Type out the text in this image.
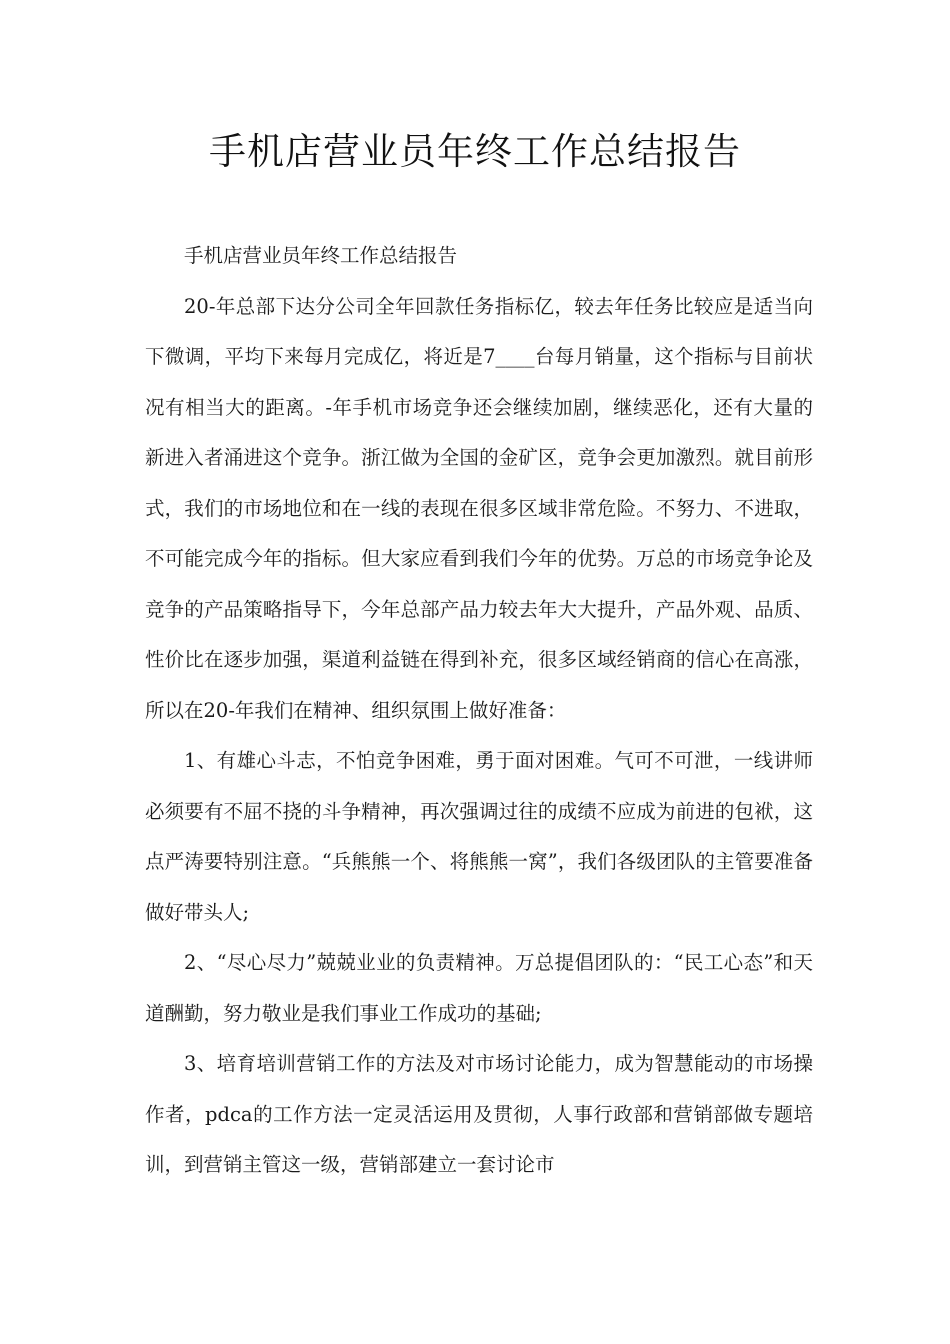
手机店营业员年终工作总结报告

手机店营业员年终工作总结报告

20-年总部下达分公司全年回款任务指标亿，较去年任务比较应是适当向下微调，平均下来每月完成亿，将近是7____台每月销量，这个指标与目前状况有相当大的距离。-年手机市场竞争还会继续加剧，继续恶化，还有大量的新进入者涌进这个竞争。浙江做为全国的金矿区，竞争会更加激烈。就目前形式，我们的市场地位和在一线的表现在很多区域非常危险。不努力、不进取，不可能完成今年的指标。但大家应看到我们今年的优势。万总的市场竞争论及竞争的产品策略指导下，今年总部产品力较去年大大提升，产品外观、品质、性价比在逐步加强，渠道利益链在得到补充，很多区域经销商的信心在高涨，所以在20-年我们在精神、组织氛围上做好准备：

1、有雄心斗志，不怕竞争困难，勇于面对困难。气可不可泄，一线讲师必须要有不屈不挠的斗争精神，再次强调过往的成绩不应成为前进的包袱，这点严涛要特别注意。“兵熊熊一个、将熊熊一窝”，我们各级团队的主管要准备做好带头人;

2、“尽心尽力”兢兢业业的负责精神。万总提倡团队的：“民工心态”和天道酬勤，努力敬业是我们事业工作成功的基础;

3、培育培训营销工作的方法及对市场讨论能力，成为智慧能动的市场操作者，pdca的工作方法一定灵活运用及贯彻，人事行政部和营销部做专题培训，到营销主管这一级，营销部建立一套讨论市
